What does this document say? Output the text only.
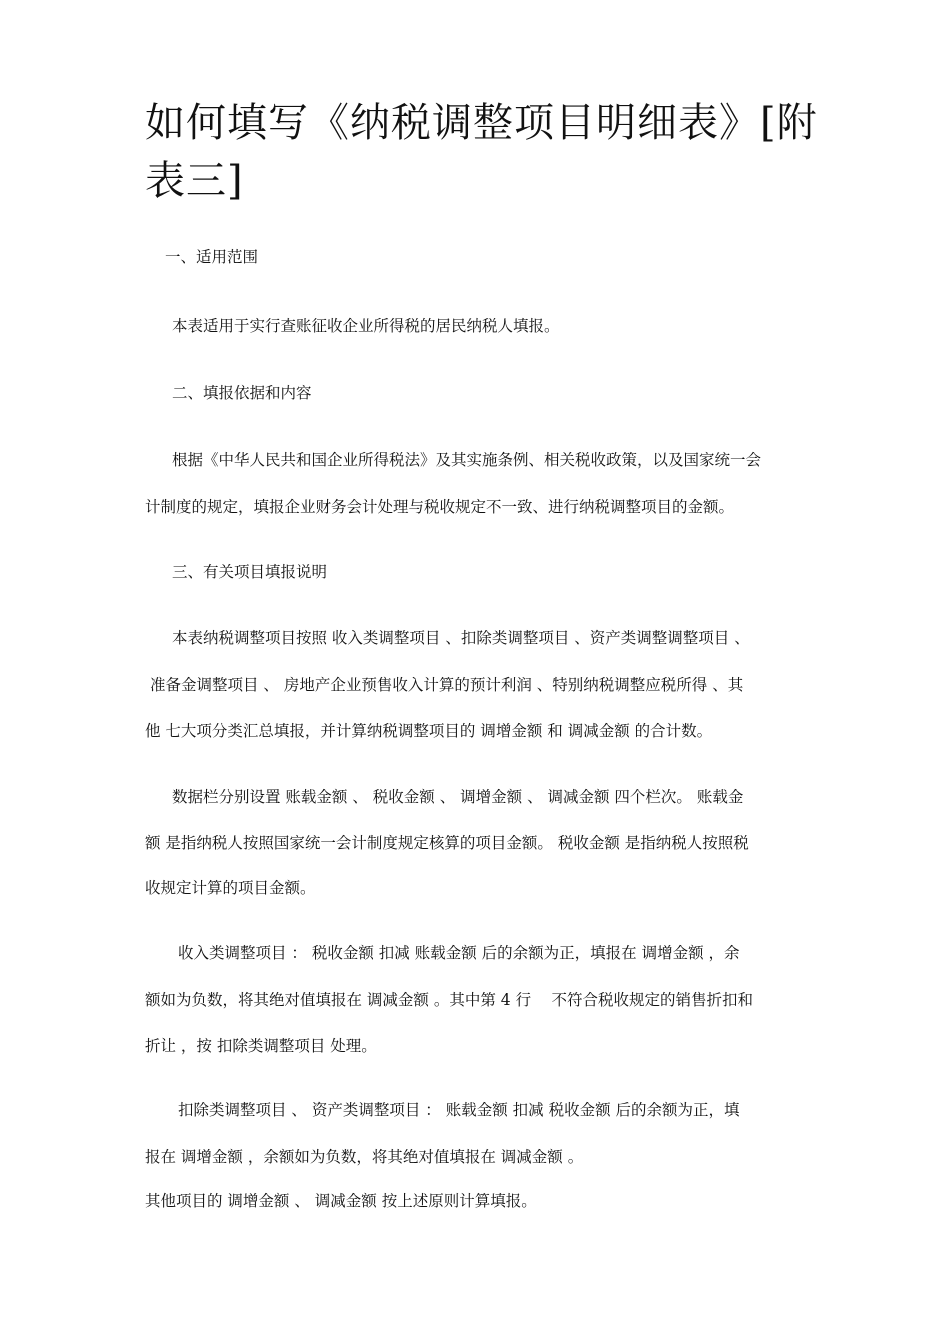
如何填写《纳税调整项目明细表》[附表三]

一、适用范围

本表适用于实行查账征收企业所得税的居民纳税人填报。

二、填报依据和内容

根据《中华人民共和国企业所得税法》及其实施条例、相关税收政策，以及国家统一会

计制度的规定，填报企业财务会计处理与税收规定不一致、进行纳税调整项目的金额。

三、有关项目填报说明

本表纳税调整项目按照 收入类调整项目 、扣除类调整项目 、资产类调整调整项目 、

准备金调整项目 、 房地产企业预售收入计算的预计利润 、特别纳税调整应税所得 、其

他 七大项分类汇总填报，并计算纳税调整项目的 调增金额 和 调减金额 的合计数。

数据栏分别设置 账载金额 、 税收金额 、 调增金额 、 调减金额 四个栏次。 账载金

额 是指纳税人按照国家统一会计制度规定核算的项目金额。 税收金额 是指纳税人按照税

收规定计算的项目金额。

收入类调整项目 ： 税收金额 扣减 账载金额 后的余额为正，填报在 调增金额 ，余

额如为负数，将其绝对值填报在 调减金额 。其中第 4 行　 不符合税收规定的销售折扣和

折让 ，按 扣除类调整项目 处理。

扣除类调整项目 、 资产类调整项目 ： 账载金额 扣减 税收金额 后的余额为正，填

报在 调增金额 ，余额如为负数，将其绝对值填报在 调减金额 。

其他项目的 调增金额 、 调减金额 按上述原则计算填报。
